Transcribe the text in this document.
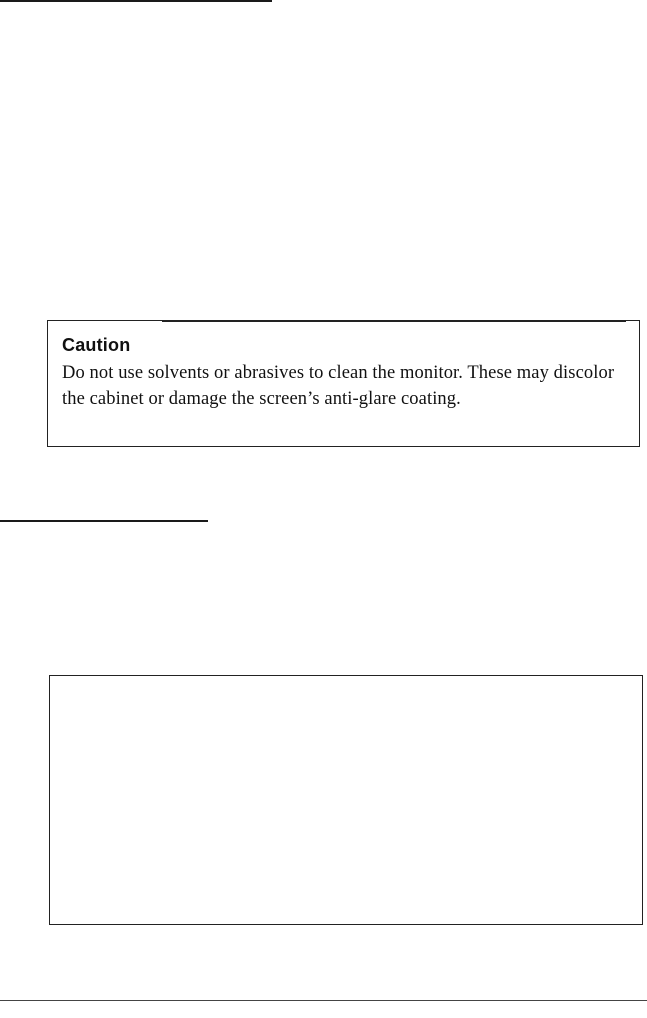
Caution

Do not use solvents or abrasives to clean the monitor. These may discolor the cabinet or damage the screen’s anti-glare coating.
